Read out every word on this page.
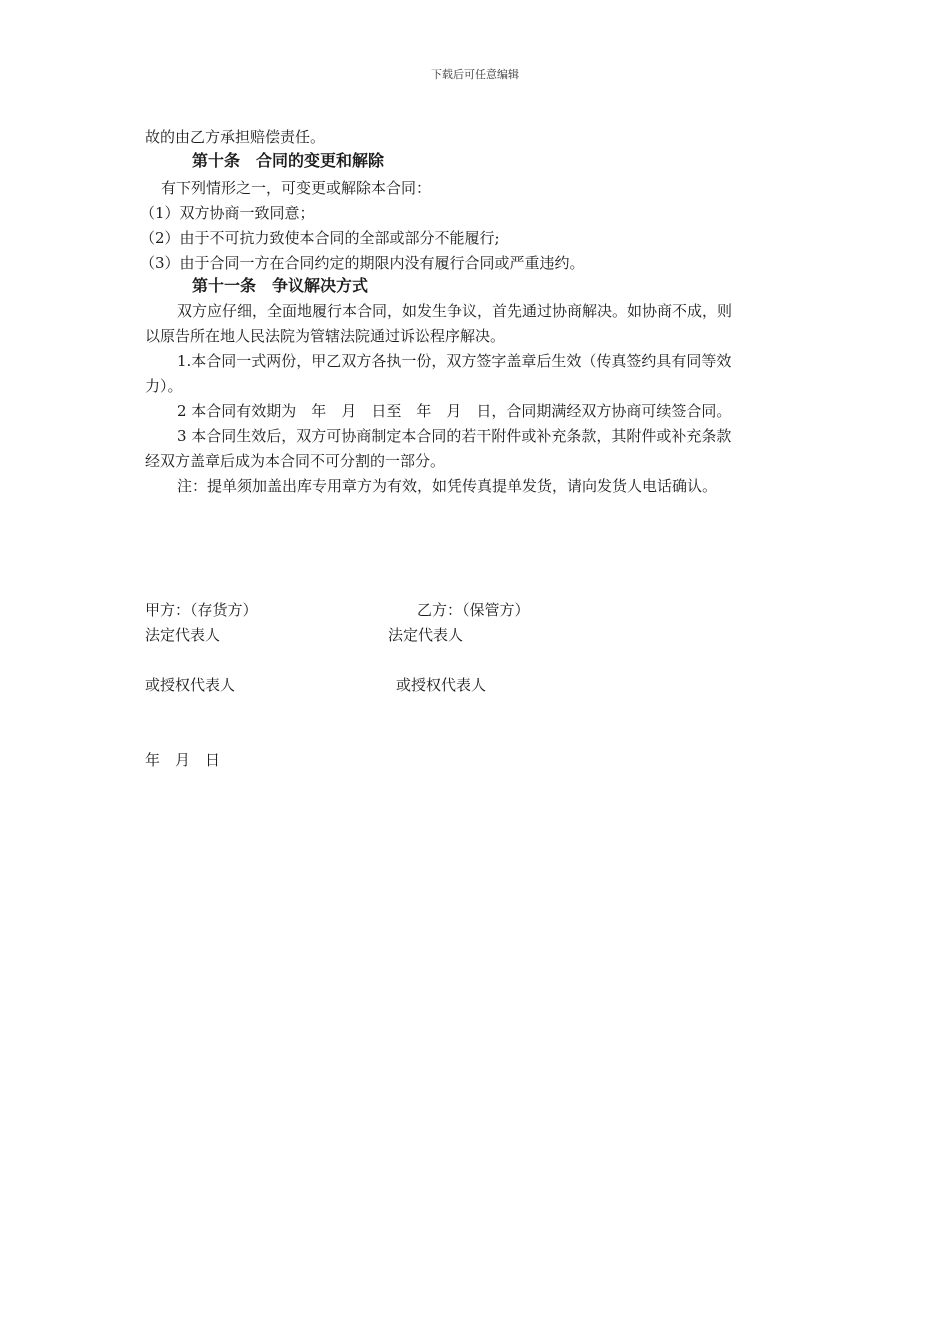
下载后可任意编辑
故的由乙方承担赔偿责任。
第十条　合同的变更和解除
有下列情形之一，可变更或解除本合同：
（1）双方协商一致同意；
（2）由于不可抗力致使本合同的全部或部分不能履行;
（3）由于合同一方在合同约定的期限内没有履行合同或严重违约。
第十一条　争议解决方式
双方应仔细，全面地履行本合同，如发生争议，首先通过协商解决。如协商不成，则
以原告所在地人民法院为管辖法院通过诉讼程序解决。
1.本合同一式两份，甲乙双方各执一份，双方签字盖章后生效（传真签约具有同等效
力）。
2 本合同有效期为　年　月　日至　年　月　日，合同期满经双方协商可续签合同。
3 本合同生效后，双方可协商制定本合同的若干附件或补充条款，其附件或补充条款
经双方盖章后成为本合同不可分割的一部分。
注：提单须加盖出库专用章方为有效，如凭传真提单发货，请向发货人电话确认。
甲方：（存货方）	乙方：（保管方）
法定代表人	法定代表人
或授权代表人	或授权代表人
年　月　日
